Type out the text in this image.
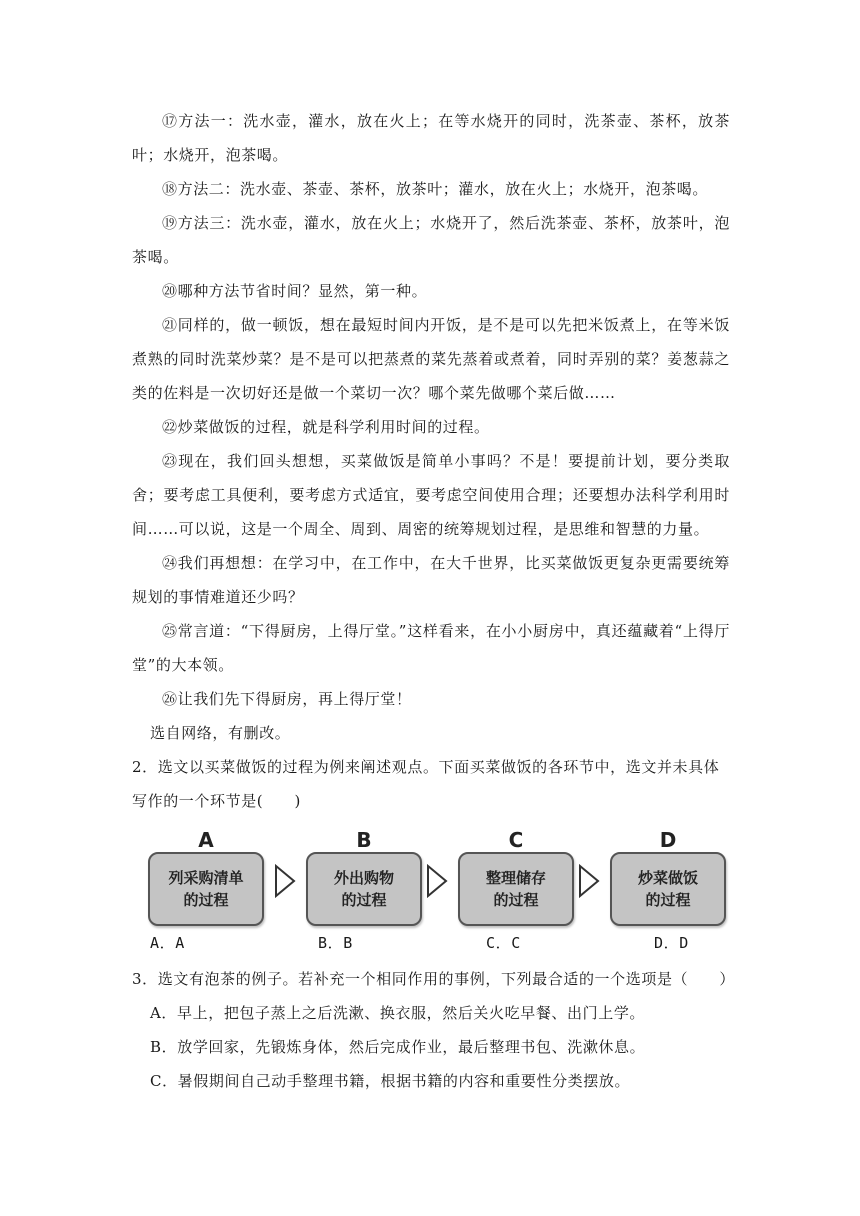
⑰方法一：洗水壶，灌水，放在火上；在等水烧开的同时，洗茶壶、茶杯，放茶叶；水烧开，泡茶喝。

⑱方法二：洗水壶、茶壶、茶杯，放茶叶；灌水，放在火上；水烧开，泡茶喝。

⑲方法三：洗水壶，灌水，放在火上；水烧开了，然后洗茶壶、茶杯，放茶叶，泡茶喝。

⑳哪种方法节省时间？显然，第一种。

㉑同样的，做一顿饭，想在最短时间内开饭，是不是可以先把米饭煮上，在等米饭煮熟的同时洗菜炒菜？是不是可以把蒸煮的菜先蒸着或煮着，同时弄别的菜？姜葱蒜之类的佐料是一次切好还是做一个菜切一次？哪个菜先做哪个菜后做……

㉒炒菜做饭的过程，就是科学利用时间的过程。

㉓现在，我们回头想想，买菜做饭是简单小事吗？不是！要提前计划，要分类取舍；要考虑工具便利，要考虑方式适宜，要考虑空间使用合理；还要想办法科学利用时间……可以说，这是一个周全、周到、周密的统筹规划过程，是思维和智慧的力量。

㉔我们再想想：在学习中，在工作中，在大千世界，比买菜做饭更复杂更需要统筹规划的事情难道还少吗？

㉕常言道：“下得厨房，上得厅堂。”这样看来，在小小厨房中，真还蕴藏着“上得厅堂”的大本领。

㉖让我们先下得厨房，再上得厅堂！

选自网络，有删改。

2．选文以买菜做饭的过程为例来阐述观点。下面买菜做饭的各环节中，选文并未具体写作的一个环节是(　　)

A
列采购清单
的过程
B
外出购物
的过程
C
整理储存
的过程
D
炒菜做饭
的过程
A．A	B．B	C．C	D．D

3．选文有泡茶的例子。若补充一个相同作用的事例，下列最合适的一个选项是（　　）

A．早上，把包子蒸上之后洗漱、换衣服，然后关火吃早餐、出门上学。

B．放学回家，先锻炼身体，然后完成作业，最后整理书包、洗漱休息。

C．暑假期间自己动手整理书籍，根据书籍的内容和重要性分类摆放。
